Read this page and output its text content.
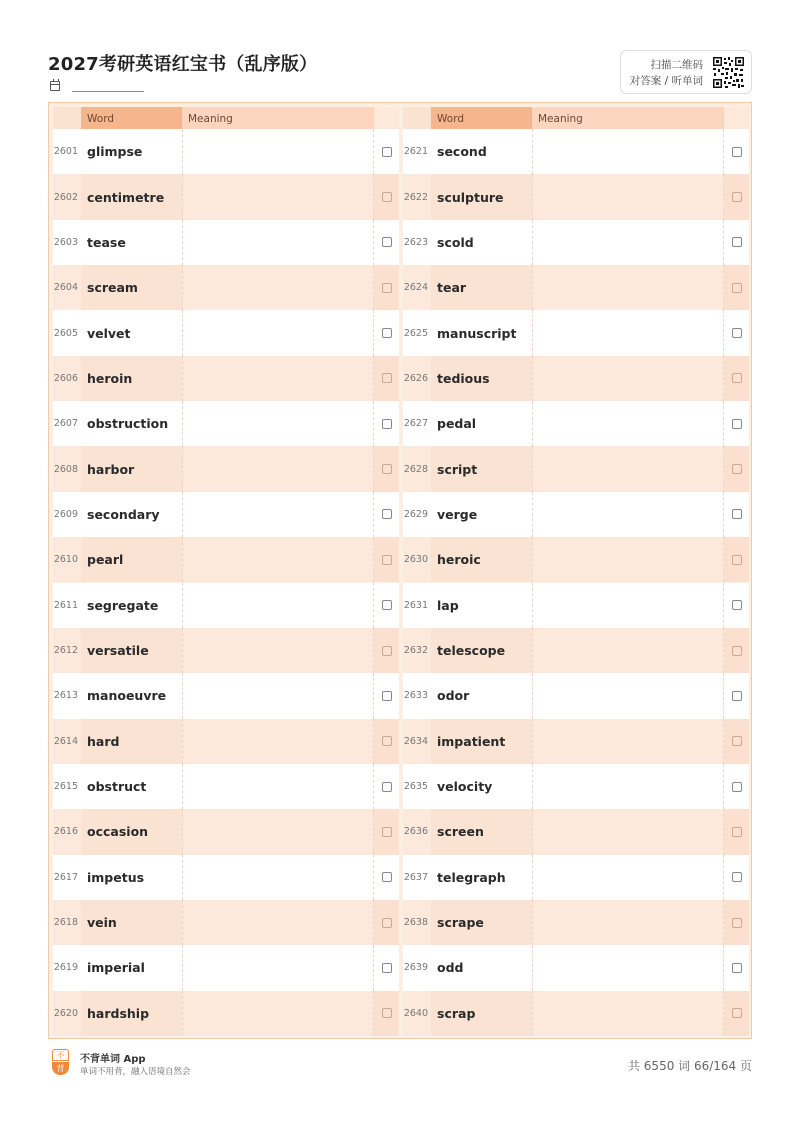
2027考研英语红宝书（乱序版）	扫描二维码
对答案 / 听单词
Word	Meaning
2601 glimpse
2602 centimetre
2603 tease
2604 scream
2605 velvet
2606 heroin
2607 obstruction
2608 harbor
2609 secondary
2610 pearl
2611 segregate
2612 versatile
2613 manoeuvre
2614 hard
2615 obstruct
2616 occasion
2617 impetus
2618 vein
2619 imperial
2620 hardship
Word	Meaning
2621 second
2622 sculpture
2623 scold
2624 tear
2625 manuscript
2626 tedious
2627 pedal
2628 script
2629 verge
2630 heroic
2631 lap
2632 telescope
2633 odor
2634 impatient
2635 velocity
2636 screen
2637 telegraph
2638 scrape
2639 odd
2640 scrap
不
背
不背单词 App
单词不用背，融入语境自然会	共 6550 词 66/164 页
